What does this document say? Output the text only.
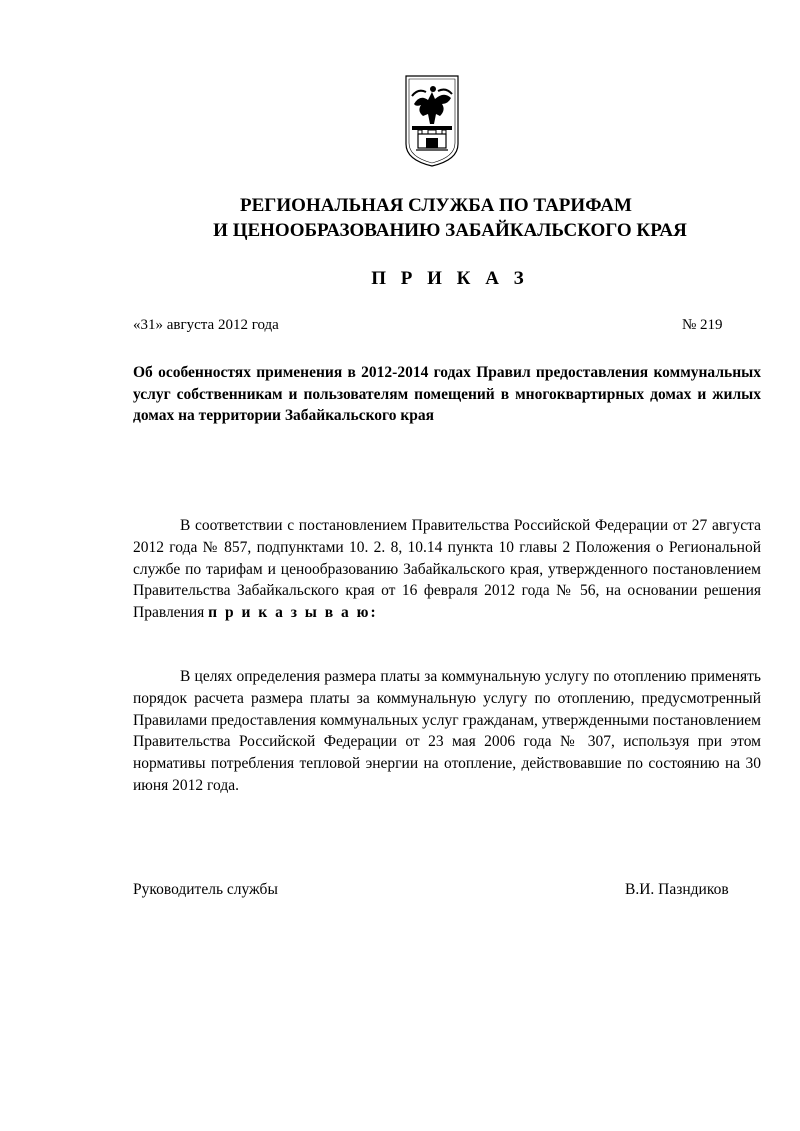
РЕГИОНАЛЬНАЯ СЛУЖБА ПО ТАРИФАМ
И ЦЕНООБРАЗОВАНИЮ ЗАБАЙКАЛЬСКОГО КРАЯ
П Р И К А З
«31» августа 2012 года	№ 219
Об особенностях применения в 2012-2014 годах Правил предоставления коммунальных услуг собственникам и пользователям помещений в многоквартирных домах и жилых домах на территории Забайкальского края
В соответствии с постановлением Правительства Российской Федерации от 27 августа 2012 года № 857, подпунктами 10. 2. 8, 10.14 пункта 10 главы 2 Положения о Региональной службе по тарифам и ценообразованию Забайкальского края, утвержденного постановлением Правительства Забайкальского края от 16 февраля 2012 года № 56, на основании решения Правления п р и к а з ы в а ю:
В целях определения размера платы за коммунальную услугу по отоплению применять порядок расчета размера платы за коммунальную услугу по отоплению, предусмотренный Правилами предоставления коммунальных услуг гражданам, утвержденными постановлением Правительства Российской Федерации от 23 мая 2006 года № 307, используя при этом нормативы потребления тепловой энергии на отопление, действовавшие по состоянию на 30 июня 2012 года.
Руководитель службы	В.И. Пазндиков
